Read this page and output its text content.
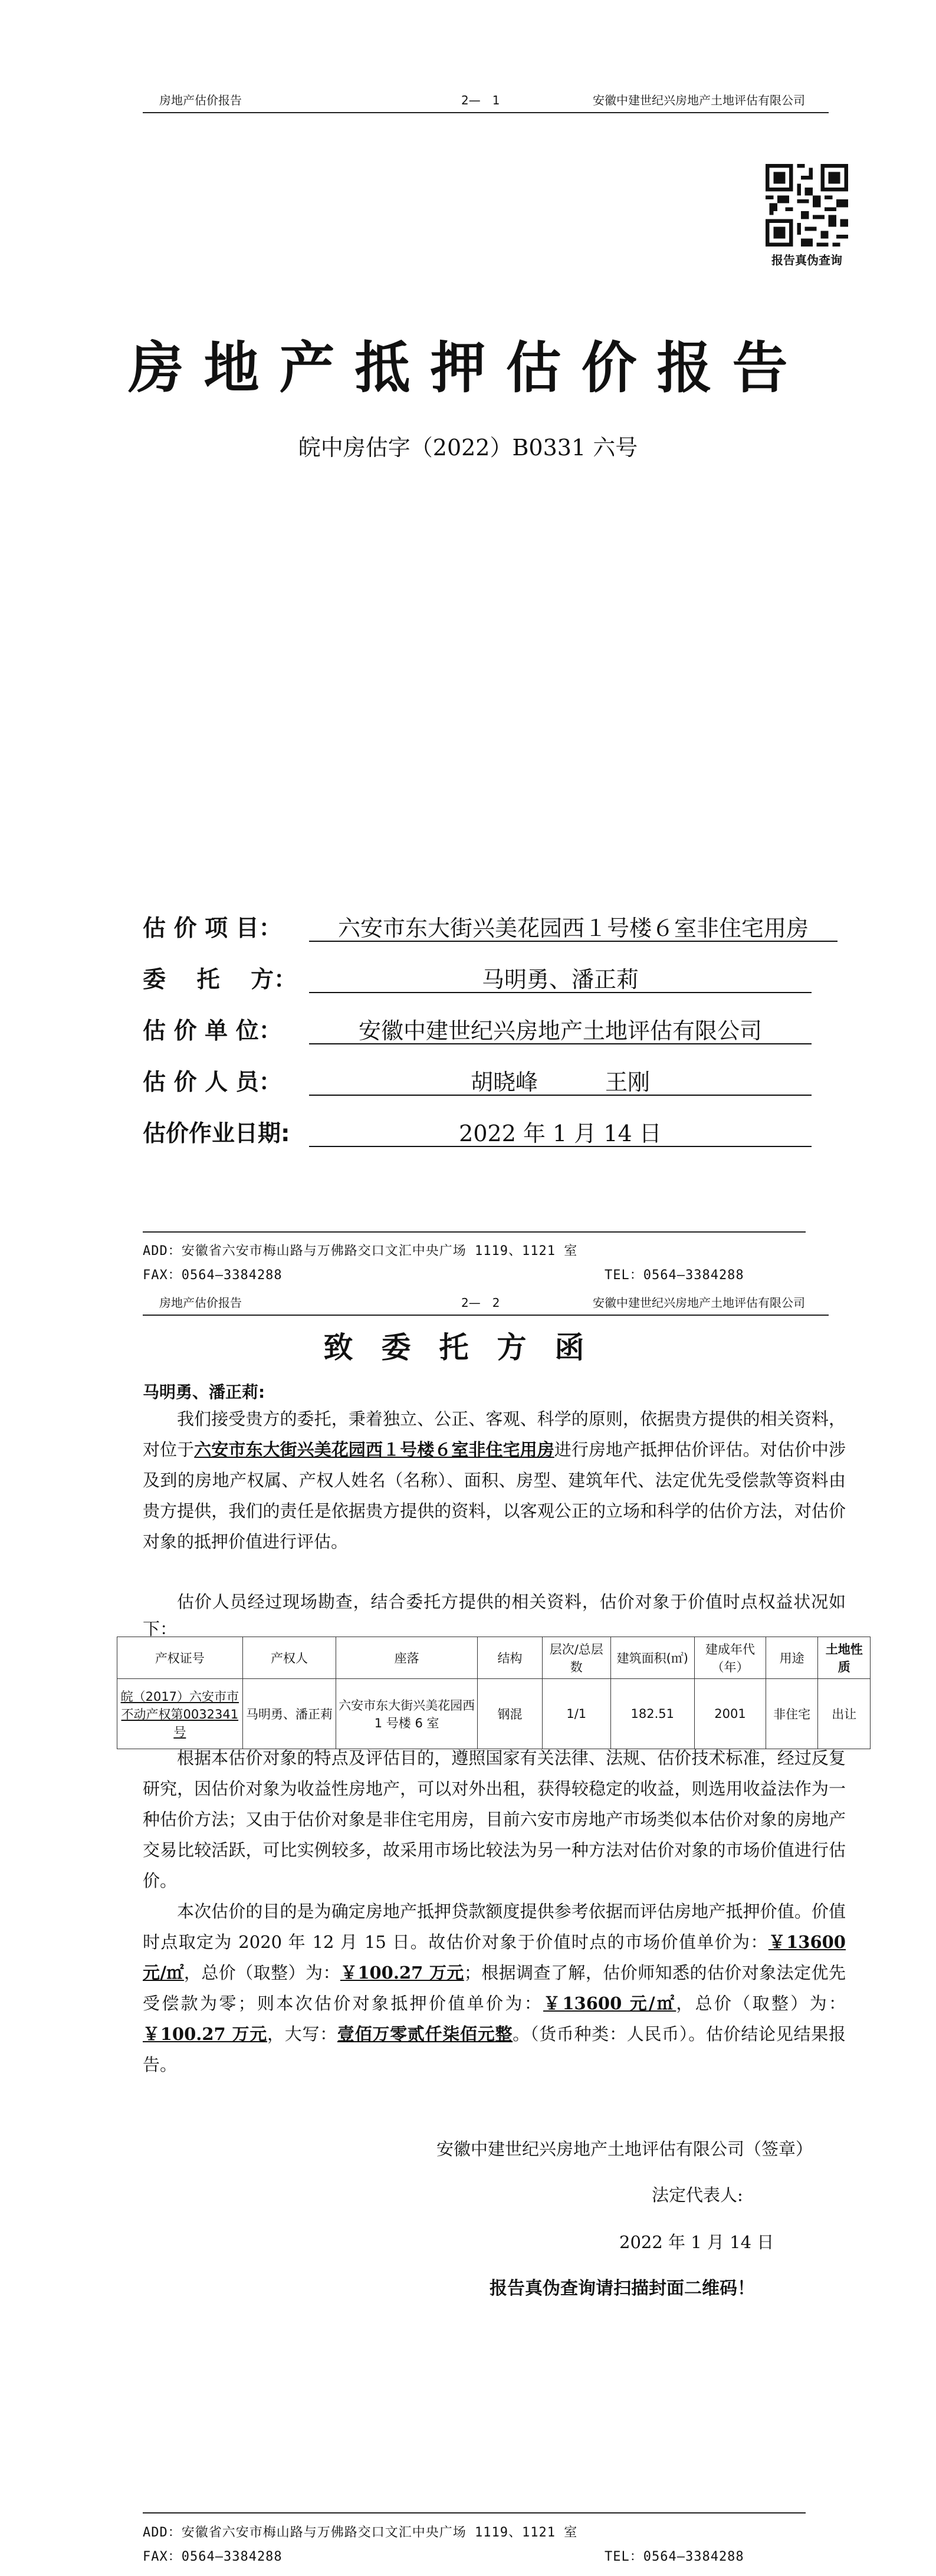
房地产估价报告	2—　1	安徽中建世纪兴房地产土地评估有限公司
报告真伪查询
房地产抵押估价报告
皖中房估字（2022）B0331 六号
估 价 项 目：	六安市东大街兴美花园西１号楼６室非住宅用房
委　 托　 方：	马明勇、潘正莉
估 价 单 位：	安徽中建世纪兴房地产土地评估有限公司
估 价 人 员：	胡晓峰　　　王刚
估价作业日期:	2022 年 1 月 14 日
ADD：安徽省六安市梅山路与万佛路交口文汇中央广场 1119、1121 室
FAX：0564—3384288	TEL：0564—3384288
房地产估价报告	2—　2	安徽中建世纪兴房地产土地评估有限公司
致委托方函
马明勇、潘正莉:
我们接受贵方的委托，秉着独立、公正、客观、科学的原则，依据贵方提供的相关资料，对位于六安市东大街兴美花园西１号楼６室非住宅用房进行房地产抵押估价评估。对估价中涉及到的房地产权属、产权人姓名（名称）、面积、房型、建筑年代、法定优先受偿款等资料由贵方提供，我们的责任是依据贵方提供的资料，以客观公正的立场和科学的估价方法，对估价对象的抵押价值进行评估。
估价人员经过现场勘查，结合委托方提供的相关资料，估价对象于价值时点权益状况如下：
产权证号	产权人	座落	结构	层次/总层数	建筑面积(㎡)	建成年代（年）	用途	土地性质
皖（2017）六安市市不动产权第0032341 号	马明勇、潘正莉	六安市东大街兴美花园西 1 号楼 6 室	钢混	1/1	182.51	2001	非住宅	出让
根据本估价对象的特点及评估目的，遵照国家有关法律、法规、估价技术标准，经过反复研究，因估价对象为收益性房地产，可以对外出租，获得较稳定的收益，则选用收益法作为一种估价方法；又由于估价对象是非住宅用房，目前六安市房地产市场类似本估价对象的房地产交易比较活跃，可比实例较多，故采用市场比较法为另一种方法对估价对象的市场价值进行估价。
本次估价的目的是为确定房地产抵押贷款额度提供参考依据而评估房地产抵押价值。价值时点取定为 2020 年 12 月 15 日。故估价对象于价值时点的市场价值单价为：￥13600 元/㎡，总价（取整）为：￥100.27 万元；根据调查了解，估价师知悉的估价对象法定优先受偿款为零；则本次估价对象抵押价值单价为：￥13600 元/㎡，总价（取整）为：￥100.27 万元，大写：壹佰万零贰仟柒佰元整。（货币种类：人民币）。估价结论见结果报告。
安徽中建世纪兴房地产土地评估有限公司（签章）
法定代表人:
2022 年 1 月 14 日
报告真伪查询请扫描封面二维码！
ADD：安徽省六安市梅山路与万佛路交口文汇中央广场 1119、1121 室
FAX：0564—3384288	TEL：0564—3384288
